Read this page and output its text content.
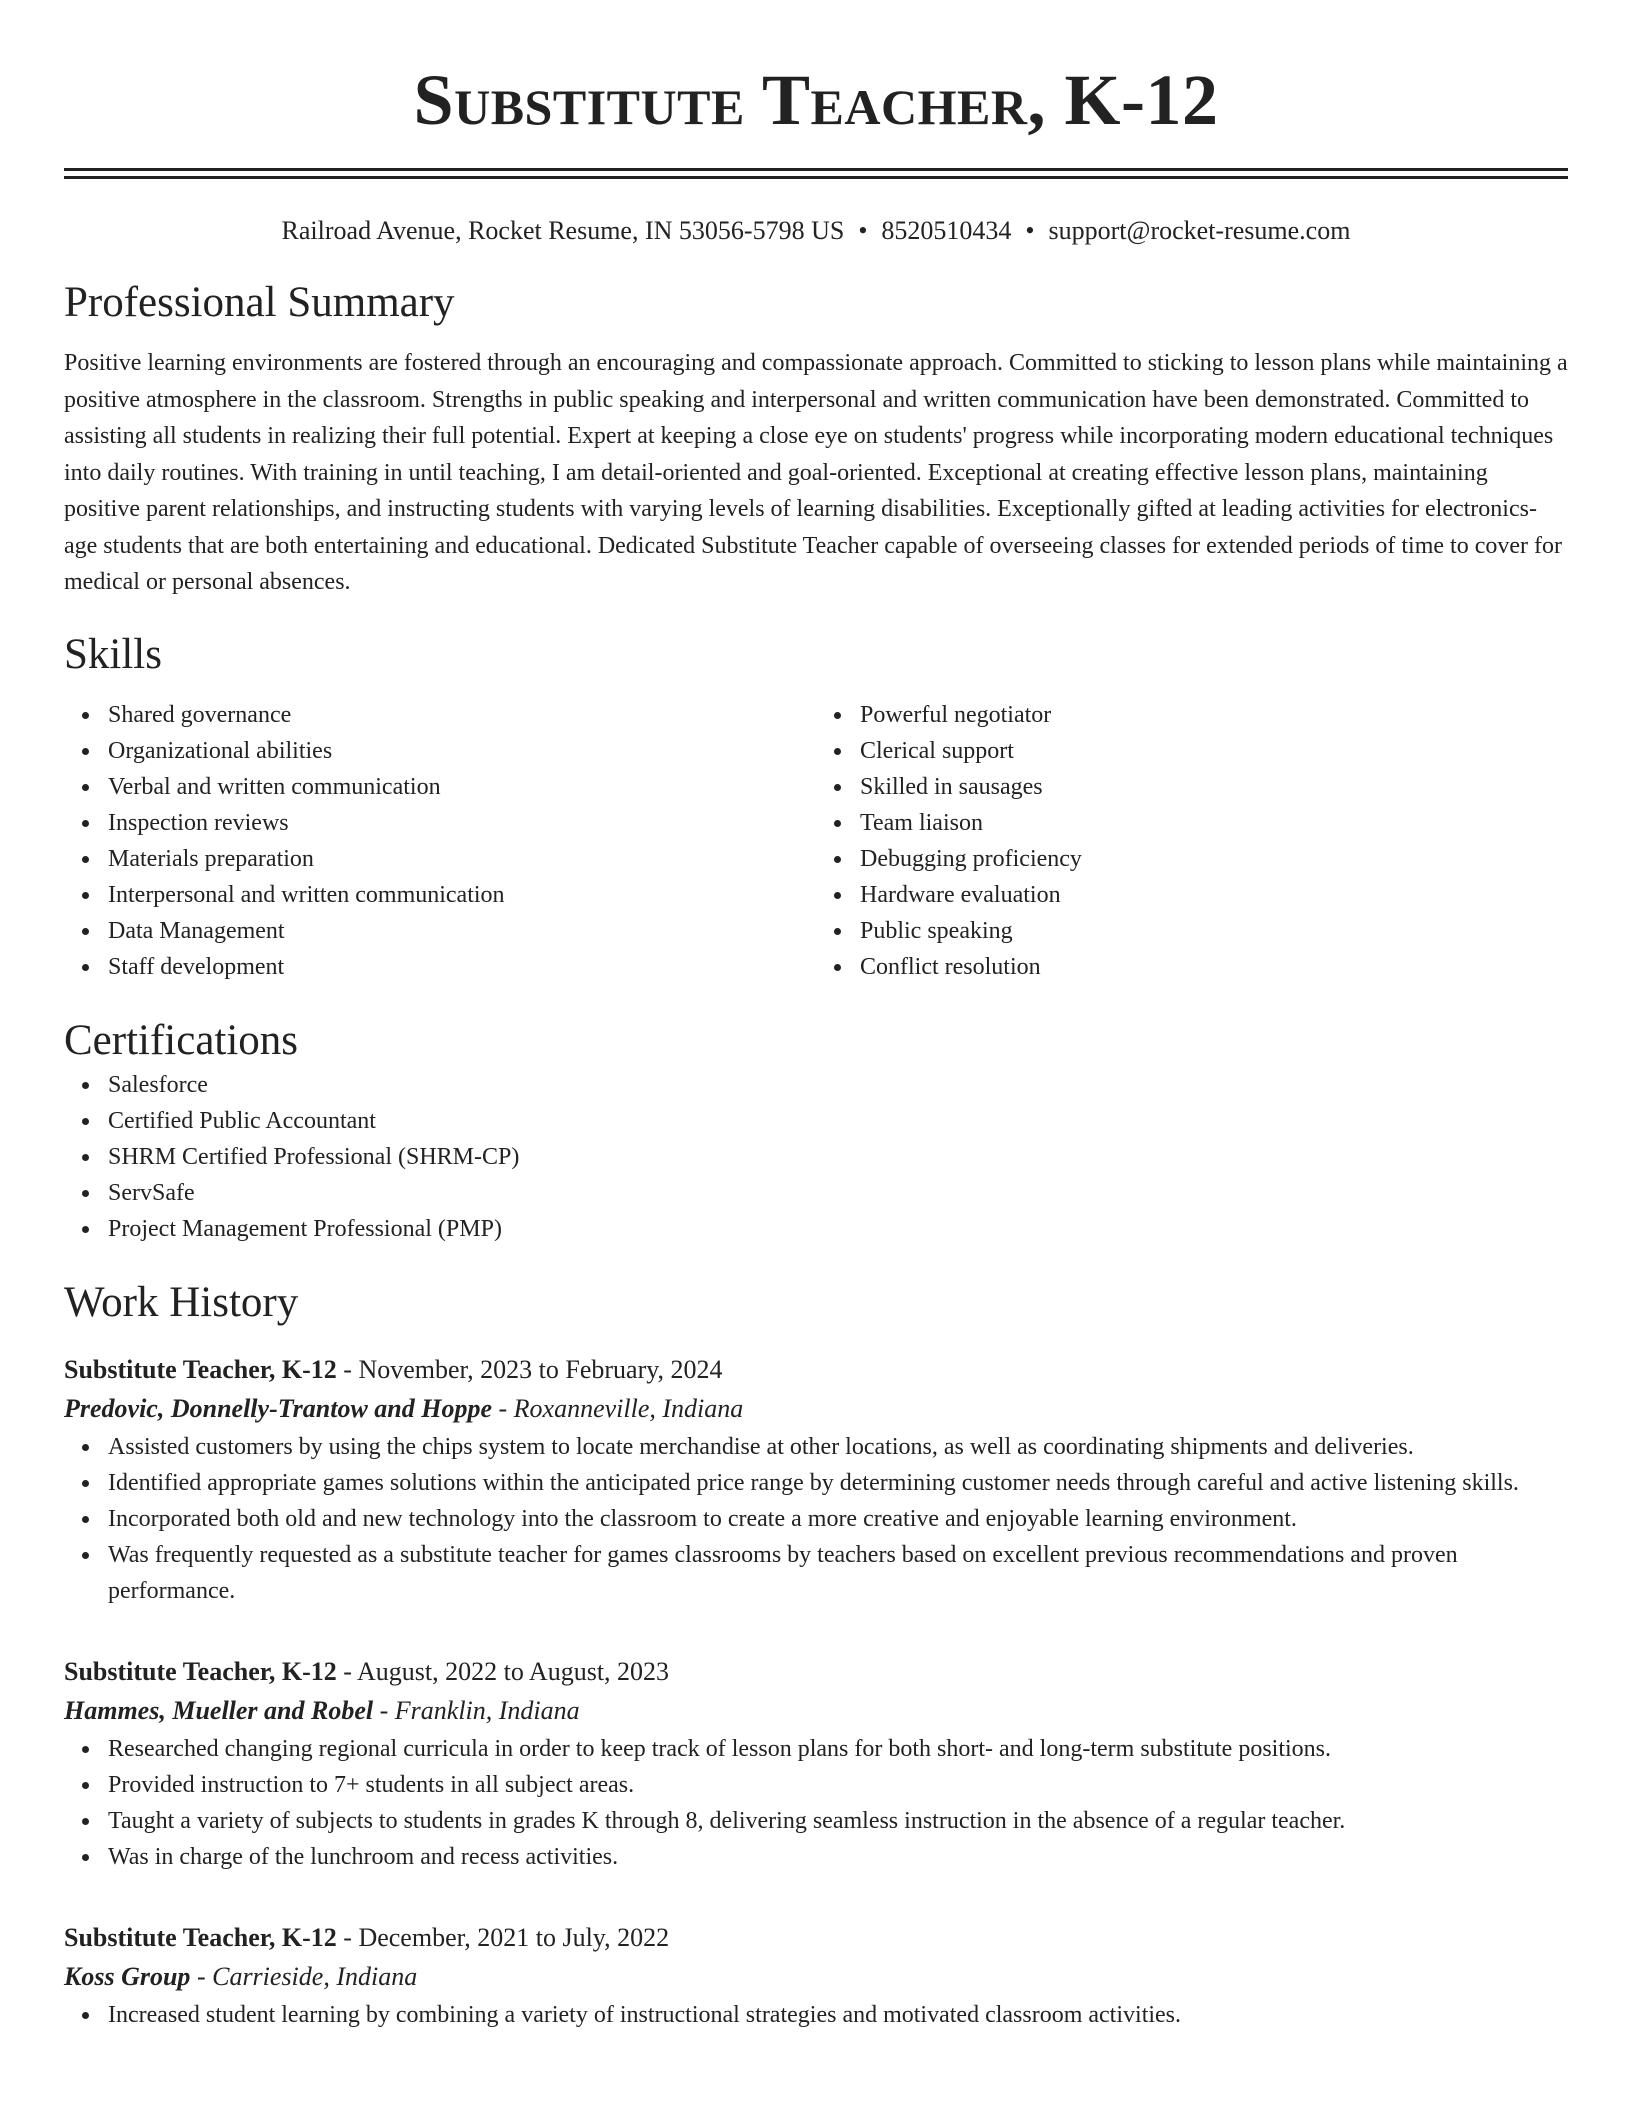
Substitute Teacher, K-12
Railroad Avenue, Rocket Resume, IN 53056-5798 US • 8520510434 • support@rocket-resume.com
Professional Summary

Positive learning environments are fostered through an encouraging and compassionate approach. Committed to sticking to lesson plans while maintaining a positive atmosphere in the classroom. Strengths in public speaking and interpersonal and written communication have been demonstrated. Committed to assisting all students in realizing their full potential. Expert at keeping a close eye on students' progress while incorporating modern educational techniques into daily routines. With training in until teaching, I am detail-oriented and goal-oriented. Exceptional at creating effective lesson plans, maintaining positive parent relationships, and instructing students with varying levels of learning disabilities. Exceptionally gifted at leading activities for electronics-age students that are both entertaining and educational. Dedicated Substitute Teacher capable of overseeing classes for extended periods of time to cover for medical or personal absences.

Skills
Shared governance
Organizational abilities
Verbal and written communication
Inspection reviews
Materials preparation
Interpersonal and written communication
Data Management
Staff development
Powerful negotiator
Clerical support
Skilled in sausages
Team liaison
Debugging proficiency
Hardware evaluation
Public speaking
Conflict resolution
Certifications
Salesforce
Certified Public Accountant
SHRM Certified Professional (SHRM-CP)
ServSafe
Project Management Professional (PMP)
Work History
Substitute Teacher, K-12 - November, 2023 to February, 2024
Predovic, Donnelly-Trantow and Hoppe - Roxanneville, Indiana
Assisted customers by using the chips system to locate merchandise at other locations, as well as coordinating shipments and deliveries.
Identified appropriate games solutions within the anticipated price range by determining customer needs through careful and active listening skills.
Incorporated both old and new technology into the classroom to create a more creative and enjoyable learning environment.
Was frequently requested as a substitute teacher for games classrooms by teachers based on excellent previous recommendations and proven performance.
Substitute Teacher, K-12 - August, 2022 to August, 2023
Hammes, Mueller and Robel - Franklin, Indiana
Researched changing regional curricula in order to keep track of lesson plans for both short- and long-term substitute positions.
Provided instruction to 7+ students in all subject areas.
Taught a variety of subjects to students in grades K through 8, delivering seamless instruction in the absence of a regular teacher.
Was in charge of the lunchroom and recess activities.
Substitute Teacher, K-12 - December, 2021 to July, 2022
Koss Group - Carrieside, Indiana
Increased student learning by combining a variety of instructional strategies and motivated classroom activities.
